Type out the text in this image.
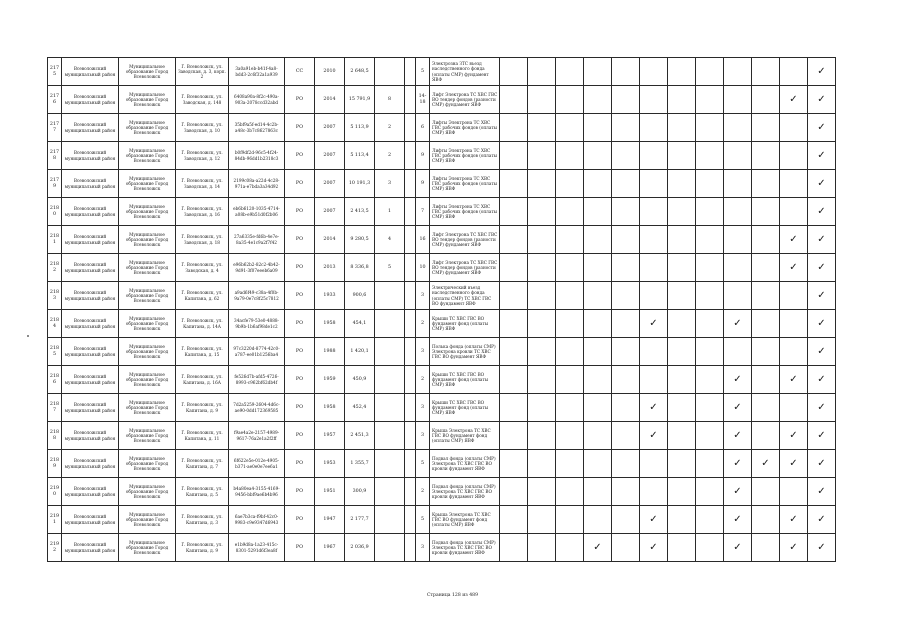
2175	Всеволожский муниципальный район	Муниципальное образование Город Всеволожск	Г. Всеволожск, ул. Заводская, д. 3, корп. 2	3a0a91eb-b41f-4a8-bdd3-2c6f32a1a939	СС	2010	2 648,5			5	Электрозна ЗТС въезд наследственного фонда (оплаты СМР) фундамент ЯВФ												✓
2176	Всеволожский муниципальный район	Муниципальное образование Город Всеволожск	Г. Всеволожск, ул. Заводская, д. 148	6408a90a-8f2c-490a-903a-2078ccd32abd	РО	2014	15 791,9	8		14-18	Лифт Электрона ТС ХВС ГВС ВО тендер фондов (разности СМР) фундамент ЯВФ											✓	✓
2177	Всеволожский муниципальный район	Муниципальное образование Город Всеволожск	Г. Всеволожск, ул. Заводская, д. 10	35bf9a5f-ed14-4c2b-a48c-3b7c8627863c	РО	2007	5 113,9	2		6	Лифты Электрона ТС ХВС ГВС рабочих фондов (оплаты СМР) ЯВФ												✓
2178	Всеволожский муниципальный район	Муниципальное образование Город Всеволожск	Г. Всеволожск, ул. Заводская, д. 12	b0f9df2d-96c5-4f24-84db-96dd1b2318c3	РО	2007	5 113,4	2		9	Лифты Электрона ТС ХВС ГВС рабочих фондов (оплаты СМР) ЯВФ												✓
2179	Всеволожский муниципальный район	Муниципальное образование Город Всеволожск	Г. Всеволожск, ул. Заводская, д. 14	2199c08a-a22d-4c28-971a-e7bda3a34d92	РО	2007	10 191,3	3		9	Лифты Электрона ТС ХВС ГВС рабочих фондов (оплаты СМР) ЯВФ												✓
2180	Всеволожский муниципальный район	Муниципальное образование Город Всеволожск	Г. Всеволожск, ул. Заводская, д. 16	eb6b6120-1035-4714-a08b-e9b51d0f2b06	РО	2007	2 413,5	1		7	Лифты Электрона ТС ХВС ГВС рабочих фондов (оплаты СМР) ЯВФ												✓
2181	Всеволожский муниципальный район	Муниципальное образование Город Всеволожск	Г. Всеволожск, ул. Заводская, д. 18	27a6335e-fd6b-4e7e-8a35-4e1c9a2f7f42	РО	2014	9 280,5	4		16	Лифт Электрона ТС ХВС ГВС ВО тендер фондов (разности СМР) фундамент ЯВФ											✓	✓
2182	Всеволожский муниципальный район	Муниципальное образование Город Всеволожск	Г. Всеволожск, ул. Заводская, д. 4	e96b62b2-82c2-4b42-9d91-3f07eeeb6a09	РО	2013	8 336,8	5		10	Лифт Электрона ТС ХВС ГВС ВО тендер фондов (разности СМР) фундамент ЯВФ											✓	✓
2183	Всеволожский муниципальный район	Муниципальное образование Город Всеволожск	Г. Всеволожск, ул. Капитана, д. 62	a9ad6f49-c38a-4f0b-9a79-0e7c8f25c7812	РО	1933	900,6			3	Электрический въезд наследственного фонда (оплаты СМР) ТС ХВС ГВС ВО фундамент ЯВФ												✓
2184	Всеволожский муниципальный район	Муниципальное образование Город Всеволожск	Г. Всеволожск, ул. Капитана, д. 14А	34acfe79-53e0-4888-9b9b-1b6af98de1c2	РО	1958	454,1			2	Крыши ТС ХВС ГВС ВО фундамент фонд (оплаты СМР) ЯВФ						✓			✓			✓
2185	Всеволожский муниципальный район	Муниципальное образование Город Всеволожск	Г. Всеволожск, ул. Капитана, д. 15	97c3220d-8774-42c0-a787-ee01b1256ba4	РО	1988	1 420,1			3	Полька фонда (оплаты СМР) Электрона кровли ТС ХВС ГВС ВО фундамент ЯВФ												✓
2186	Всеволожский муниципальный район	Муниципальное образование Город Всеволожск	Г. Всеволожск, ул. Капитана, д. 16А	fe526d7b-afd5-4726-8993-c962bf62db4f	РО	1959	450,9			2	Крыши ТС ХВС ГВС ВО фундамент фонд (оплаты СМР) ЯВФ									✓		✓	✓
2187	Всеволожский муниципальный район	Муниципальное образование Город Всеволожск	Г. Всеволожск, ул. Капитана, д. 9	7d2a5259-2604-4d6c-ae90-0dd172369585	РО	1958	452,4			3	Крыши ТС ХВС ГВС ВО фундамент фонд (оплаты СМР) ЯВФ						✓			✓			✓
2188	Всеволожский муниципальный район	Муниципальное образование Город Всеволожск	Г. Всеволожск, ул. Капитана, д. 11	f9ae4a2e-2157-4989-9617-76a2e1a2f2ff	РО	1957	2 451,3			3	Крыша Электрона ТС ХВС ГВС ВО фундамент фонд (оплаты СМР) ЯВФ						✓			✓		✓	✓
2189	Всеволожский муниципальный район	Муниципальное образование Город Всеволожск	Г. Всеволожск, ул. Капитана, д. 7	6f622e5e-012e-4905-b371-ae0e0e7ee6a1	РО	1953	1 355,7			5	Подвал фонда (оплаты СМР) Электрона ТС ХВС ГВС ВО кровли фундамент ЯВФ									✓	✓	✓	✓
2190	Всеволожский муниципальный район	Муниципальное образование Город Всеволожск	Г. Всеволожск, ул. Капитана, д. 5	b4a80ea4-3155-4169-9456-bbf9ae6b4b96	РО	1951	300,9			2	Подвал фонда (оплаты СМР) Электрона ТС ХВС ГВС ВО кровли фундамент ЯВФ									✓			✓
2191	Всеволожский муниципальный район	Муниципальное образование Город Всеволожск	Г. Всеволожск, ул. Капитана, д. 3	6ae7b3ca-f9bf-42c0-9983-c9e9347d6943	РО	1947	2 177,7			5	Крыша Электрона ТС ХВС ГВС ВО фундамент фонд (оплаты СМР) ЯВФ						✓			✓		✓	✓
2192	Всеволожский муниципальный район	Муниципальное образование Город Всеволожск	Г. Всеволожск, ул. Капитана, д. 9	e1b9d8a-1a23-415c-8301-5291d6f3ea8f	РО	1967	2 036,9			3	Подвал фонда (оплаты СМР) Электрона ТС ХВС ГВС ВО кровли фундамент ЯВФ				✓		✓			✓		✓	✓
Страница 128 из 489
